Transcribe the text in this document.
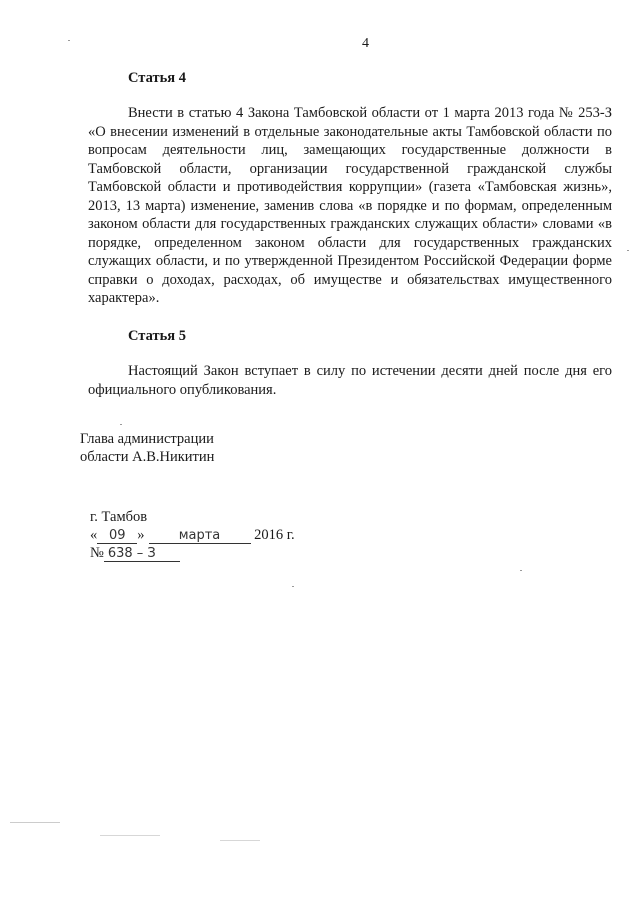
4
Статья 4

Внести в статью 4 Закона Тамбовской области от 1 марта 2013 года № 253-З «О внесении изменений в отдельные законодательные акты Тамбовской области по вопросам деятельности лиц, замещающих государственные должности в Тамбовской области, организации государственной гражданской службы Тамбовской области и противодействия коррупции» (газета «Тамбовская жизнь», 2013, 13 марта) изменение, заменив слова «в порядке и по формам, определенным законом области для государственных гражданских служащих области» словами «в порядке, определенном законом области для государственных гражданских служащих области, и по утвержденной Президентом Российской Федерации форме справки о доходах, расходах, об имуществе и обязательствах имущественного характера».

Статья 5

Настоящий Закон вступает в силу по истечении десяти дней после дня его официального опубликования.

Глава администрации
области А.В.Никитин
г. Тамбов
« 09 »	марта 2016 г.
№ 638 – З
